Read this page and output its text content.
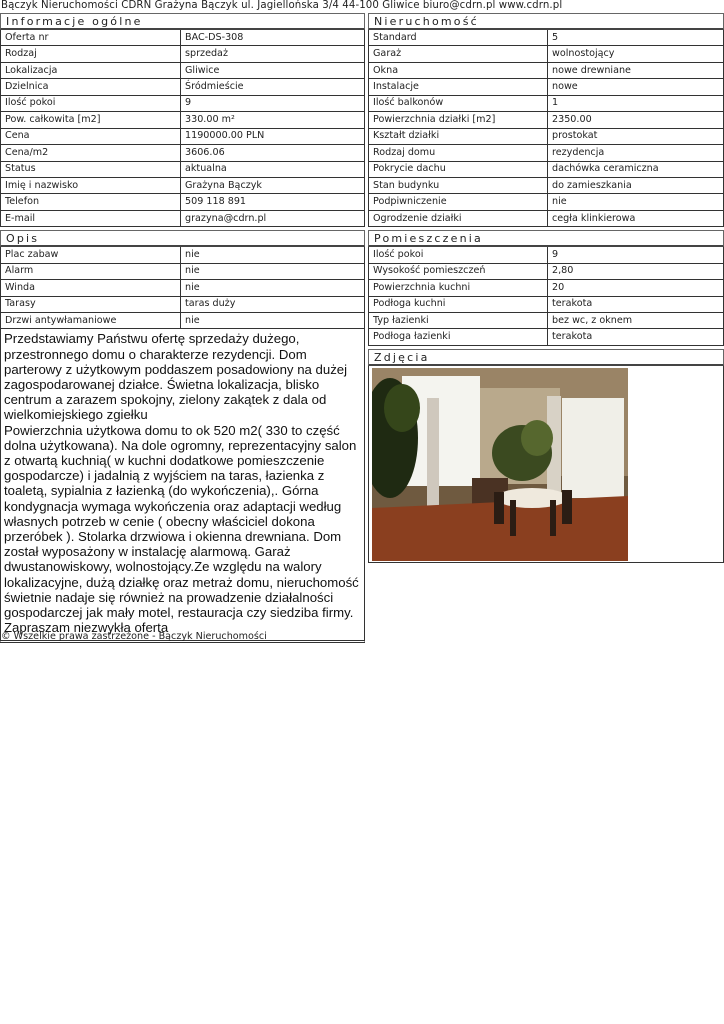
Bączyk Nieruchomości CDRN Grażyna Bączyk ul. Jagiellońska 3/4 44-100 Gliwice biuro@cdrn.pl www.cdrn.pl
Informacje ogólne
Oferta nr	BAC-DS-308
Rodzaj	sprzedaż
Lokalizacja	Gliwice
Dzielnica	Śródmieście
Ilość pokoi	9
Pow. całkowita [m2]	330.00 m²
Cena	1190000.00 PLN
Cena/m2	3606.06
Status	aktualna
Imię i nazwisko	Grażyna Bączyk
Telefon	509 118 891
E-mail	grazyna@cdrn.pl
Opis
Plac zabaw	nie
Alarm	nie
Winda	nie
Tarasy	taras duży
Drzwi antywłamaniowe	nie

Przedstawiamy Państwu ofertę sprzedaży dużego, przestronnego domu o charakterze rezydencji. Dom parterowy z użytkowym poddaszem posadowiony na dużej zagospodarowanej działce. Świetna lokalizacja, blisko centrum a zarazem spokojny, zielony zakątek z dala od wielkomiejskiego zgiełku

Powierzchnia użytkowa domu to ok 520 m2( 330 to część dolna użytkowana). Na dole ogromny, reprezentacyjny salon z otwartą kuchnią( w kuchni dodatkowe pomieszczenie gospodarcze) i jadalnią z wyjściem na taras, łazienka z toaletą, sypialnia z łazienką (do wykończenia),. Górna kondygnacja wymaga wykończenia oraz adaptacji według własnych potrzeb w cenie ( obecny właściciel dokona przeróbek ). Stolarka drzwiowa i okienna drewniana. Dom został wyposażony w instalację alarmową. Garaż dwustanowiskowy, wolnostojący.Ze względu na walory lokalizacyjne, dużą działkę oraz metraż domu, nieruchomość świetnie nadaje się również na prowadzenie działalności gospodarczej jak mały motel, restauracja czy siedziba firmy.

Zapraszam niezwykła oferta

Nieruchomość
Standard	5
Garaż	wolnostojący
Okna	nowe drewniane
Instalacje	nowe
Ilość balkonów	1
Powierzchnia działki [m2]	2350.00
Kształt działki	prostokat
Rodzaj domu	rezydencja
Pokrycie dachu	dachówka ceramiczna
Stan budynku	do zamieszkania
Podpiwniczenie	nie
Ogrodzenie działki	cegła klinkierowa
Pomieszczenia
Ilość pokoi	9
Wysokość pomieszczeń	2,80
Powierzchnia kuchni	20
Podłoga kuchni	terakota
Typ łazienki	bez wc, z oknem
Podłoga łazienki	terakota
Zdjęcia
© Wszelkie prawa zastrzeżone - Bączyk Nieruchomości
